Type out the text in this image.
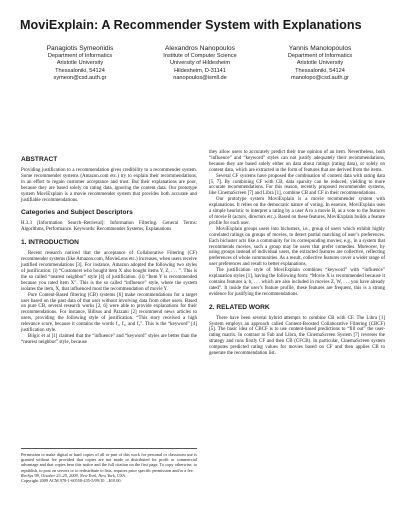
MoviExplain: A Recommender System with Explanations
Panagiotis Symeonidis
Department of Informatics
Aristotle University
Thessaloniki, 54124
symeon@csd.auth.gr
Alexandros Nanopoulos
Institute of Computer Science
University of Hildesheim
Hildesheim, D-31141
nanopoulos@ismll.de
Yannis Manolopoulos
Department of Informatics
Aristotle University
Thessaloniki, 54124
manolopo@csd.auth.gr
ABSTRACT
Providing justification to a recommendation gives credibility to a recommender system. Some recommender systems (Amazon.com etc.) try to explain their recommendations, in an effort to regain customer acceptance and trust. But their explanations are poor, because they are based solely on rating data, ignoring the content data. Our prototype system MoviExplain is a movie recommender system that provides both accurate and justifiable recommendations.
Categories and Subject Descriptors
H.3.3 [Information Search–Retrieval]: Information Filtering. General Terms: Algorithms, Performance. Keywords: Recommender Systems, Explanations
1. INTRODUCTION
Recent research noticed that the acceptance of Collaborative Filtering (CF) recommender systems (like Amazon.com, MovieLens etc.) increases, when users receive justified recommendations [3]. For instance, Amazon adopted the following two styles of justification: (i) “Customers who bought item X also bought items Y, Z, . . . ”. This is the so called “nearest neighbor” style [4] of justification. (ii) “Item Y is recommended because you rated item X”. This is the so called “influence” style, where the system isolates the item, X, that influenced most the recommendation of movie Y.
Pure Content-Based filtering (CB) systems [6] make recommendations for a target user based on the past data of that user without involving data from other users. Based on pure CB, several research works [2, 6] were able to provide explanations for their recommendations. For instance, Billsus and Pazzani [2] recommend news articles to users, providing the following style of justification. “This story received a high relevance score, because it contains the words f₁, f₂, and f₃”. This is the “keyword” [4] justification style.
Bilgic et al [1] claimed that the “influence” and “keyword” styles are better than the “nearest neighbor” style, because
they allow users to accurately predict their true opinion of an item. Nevertheless, both “influence” and “keyword” styles can not justify adequately their recommendations, because they are based solely either on data about ratings (rating data), or solely on content data, which are extracted in the form of features that are derived from the items.
Several CF systems have proposed the combination of content data with rating data [5, 7]. By combining CF with CB, data sparsity can be reduced, yielding to more accurate recommendations. For this reason, recently proposed recommender systems, like CinemaScreen [7] and Libra [1], combine CB and CF in their recommendations.
Our prototype system MoviExplain is a movie recommender system with explanations. It relies on the democratic nature of voting. In essence, MoviExplain uses a simple heuristic to interpret a rating by a user A to a movie B, as a vote to the features of movie B (actors, directors etc.). Based on these features, MoviExplain builds a feature profile for each user.
MoviExplain groups users into biclusters, i.e., group of users which exhibit highly correlated ratings on groups of movies, to detect partial matching of user’s preferences. Each bicluster acts like a community for its corresponding movies; e.g., in a system that recommends movies, such a group may be users that prefer comedies. Moreover, by using groups instead of individual users, the extracted features are collective, reflecting preferences of whole communities. As a result, collective features cover a wider range of user preferences and result to better explanations.
The justification style of MoviExplain combines “keyword” with “influence” explanation styles [1], having the following form: “Movie X is recommended because it contains features a, b, . . . which are also included in movies Z, W, . . . you have already rated”. It inside the user’s feature profile, these features are frequent, this is a strong evidence for justifying the recommendations.
2. RELATED WORK
There have been several hybrid attempts to combine CB with CF. The Libra [1] System employs an approach called Content-Boosted Collaborative Filtering (CBCF) [5]. The basic idea of CBCF is to use content-based predictions to “fill out” the user-rating matrix. In contrast to Fab and Libra, the CinemaScreen System [7] reverses the strategy and runs firstly CF and then CB (CFCB). In particular, CinemaScreen system computes predicted rating values for movies based on CF and then applies CB to generate the recommendation list.
Permission to make digital or hard copies of all or part of this work for personal or classroom use is granted without fee provided that copies are not made or distributed for profit or commercial advantage and that copies bear this notice and the full citation on the first page. To copy otherwise, to republish, to post on servers or to redistribute to lists, requires prior specific permission and/or a fee.
RecSys’09, October 23–25, 2009, New York, New York, USA.
Copyright 2009 ACM 978-1-60558-435-5/09/10 ...$10.00.
